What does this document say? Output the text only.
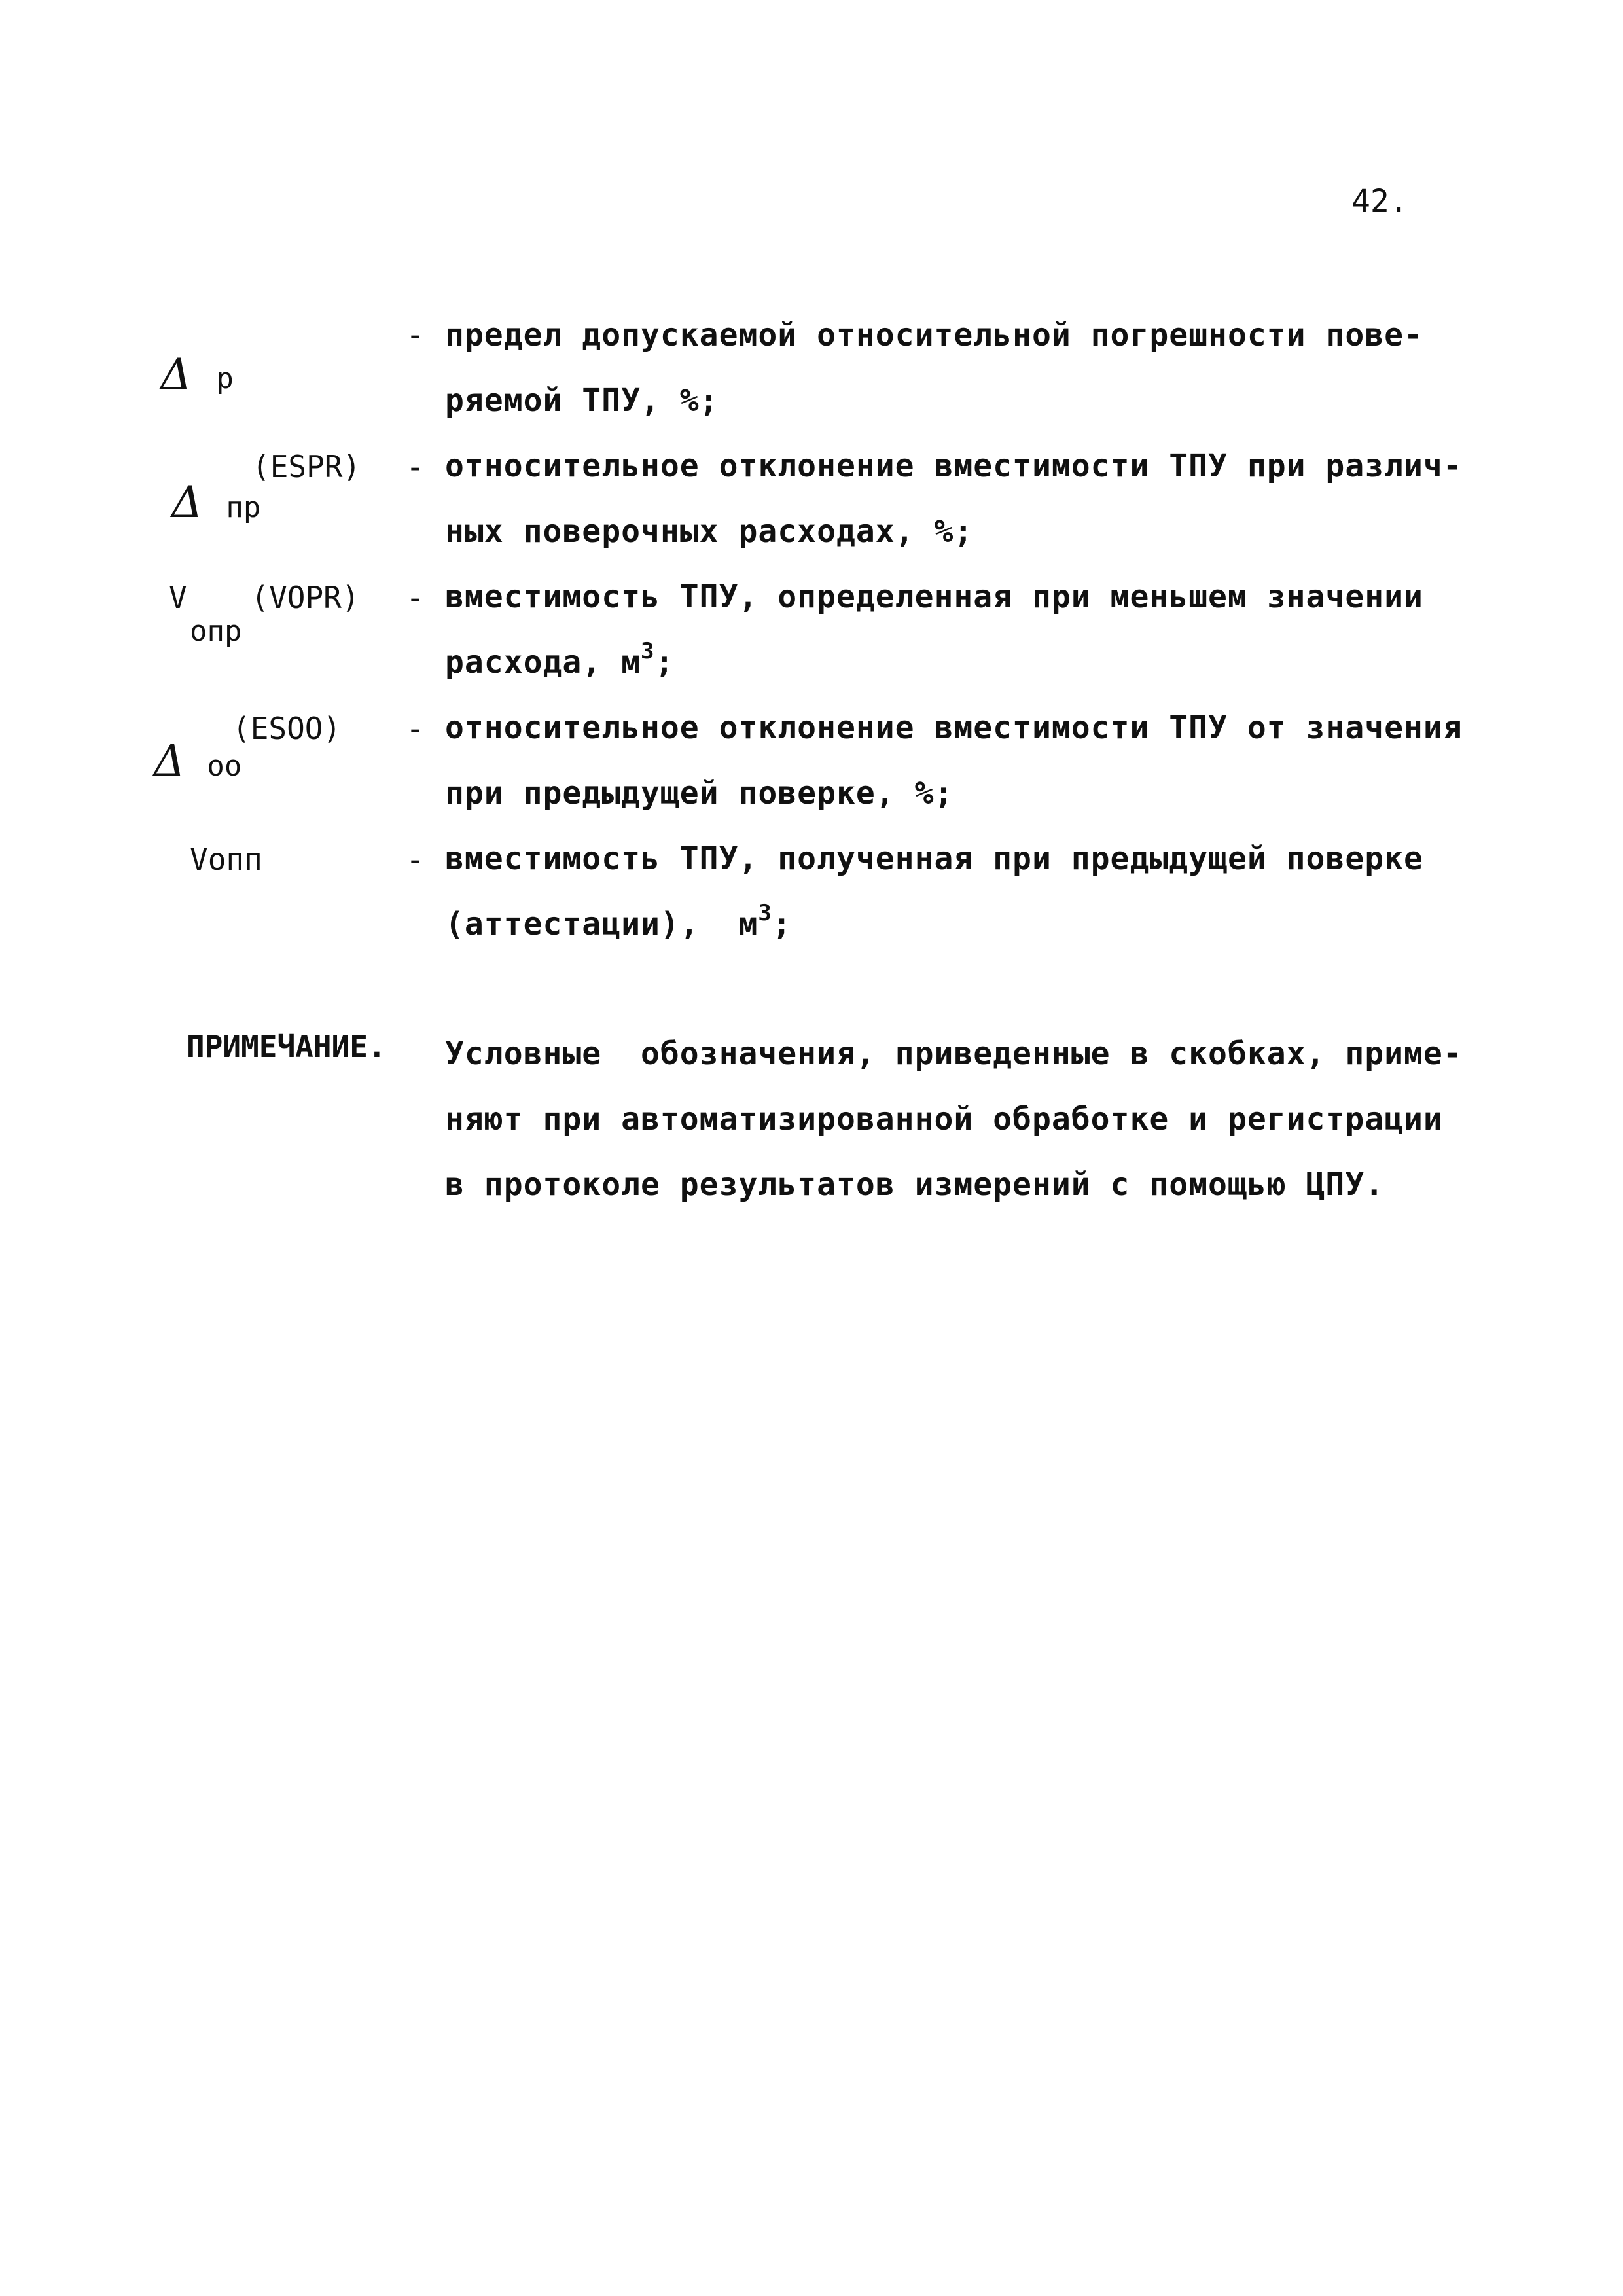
42.
Δ р
- предел допускаемой относительной погрешности пове-
ряемой ТПУ, %;
(ESPR)
Δ пр
- относительное отклонение вместимости ТПУ при различ-
ных поверочных расходах, %;
V (VOPR)
опр
- вместимость ТПУ, определенная при меньшем значении
расхода, $м^3$;
(ESOO)
Δ оо
- относительное отклонение вместимости ТПУ от значения
при предыдущей поверке, %;
Vопп	- вместимость ТПУ, полученная при предыдущей поверке
(аттестации),  $м^3$;
ПРИМЕЧАНИЕ. Условные  обозначения, приведенные в скобках, приме-
няют при автоматизированной обработке и регистрации
в протоколе результатов измерений с помощью ЦПУ.
